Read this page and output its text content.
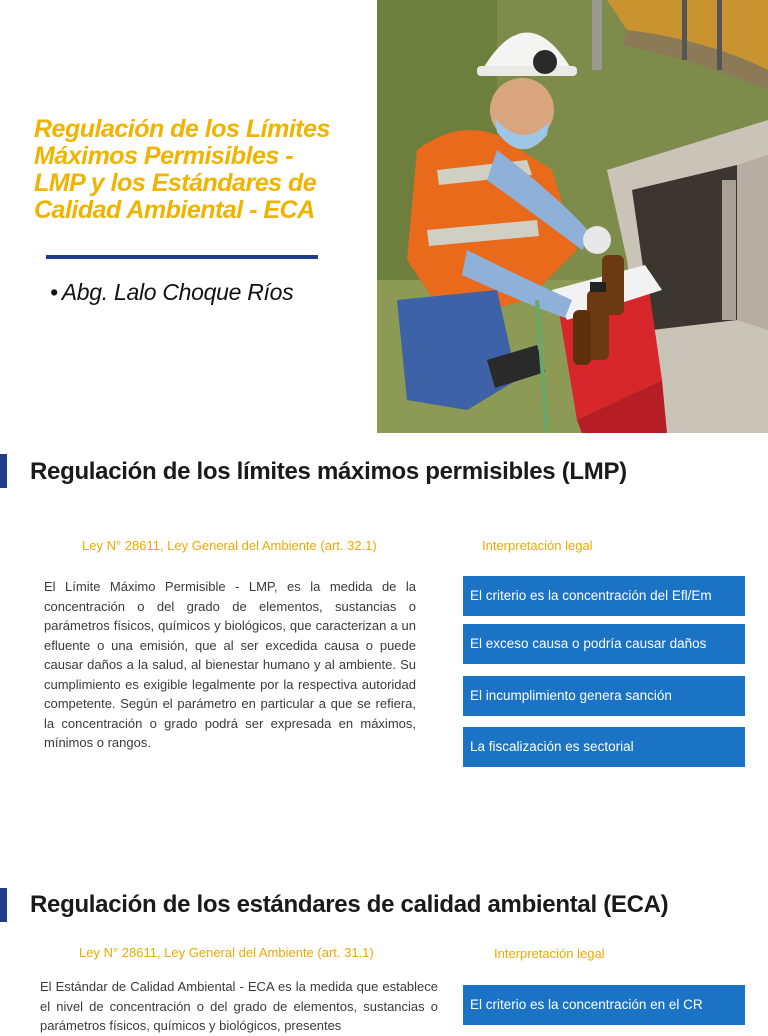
Regulación de los Límites
Máximos Permisibles -
LMP y los Estándares de
Calidad Ambiental - ECA
• Abg. Lalo Choque Ríos
Regulación de los límites máximos permisibles (LMP)
Ley N° 28611, Ley General del Ambiente (art. 32.1)	Interpretación legal

El Límite Máximo Permisible - LMP, es la medida de la concentración o del grado de elementos, sustancias o parámetros físicos, químicos y biológicos, que caracterizan a un efluente o una emisión, que al ser excedida causa o puede causar daños a la salud, al bienestar humano y al ambiente. Su cumplimiento es exigible legalmente por la respectiva autoridad competente. Según el parámetro en particular a que se refiera, la concentración o grado podrá ser expresada en máximos, mínimos o rangos.

El criterio es la concentración del Efl/Em
El exceso causa o podría causar daños
El incumplimiento genera sanción
La fiscalización es sectorial
Regulación de los estándares de calidad ambiental (ECA)
Ley N° 28611, Ley General del Ambiente (art. 31.1)	Interpretación legal

El Estándar de Calidad Ambiental - ECA es la medida que establece el nivel de concentración o del grado de elementos, sustancias o parámetros físicos, químicos y biológicos, presentes

El criterio es la concentración en el CR
